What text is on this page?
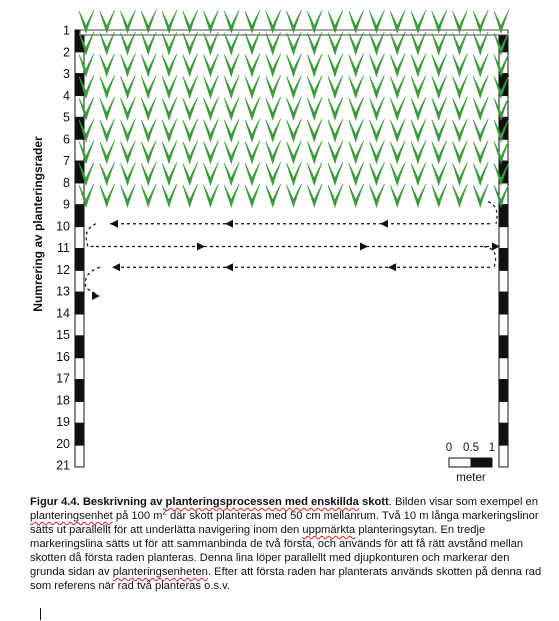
Numrering av planteringsrader
1
2
3
4
5
6
7
8
9
10
11
12
13
14
15
16
17
18
19
20
21
0 0.5 1
meter
Figur 4.4. Beskrivning av planteringsprocessen med enskillda skott. Bilden visar som exempel en planteringsenhet på 100 $m^2$ där skott planteras med 50 cm mellanrum. Två 10 m långa markeringslinor sätts ut parallellt för att underlätta navigering inom den uppmärkta planteringsytan. En tredje markeringslina sätts ut för att sammanbinda de två första, och används för att få rätt avstånd mellan skotten då första raden planteras. Denna lina löper parallellt med djupkonturen och markerar den grunda sidan av planteringsenheten. Efter att första raden har planterats används skotten på denna rad som referens när rad två planteras o.s.v.
